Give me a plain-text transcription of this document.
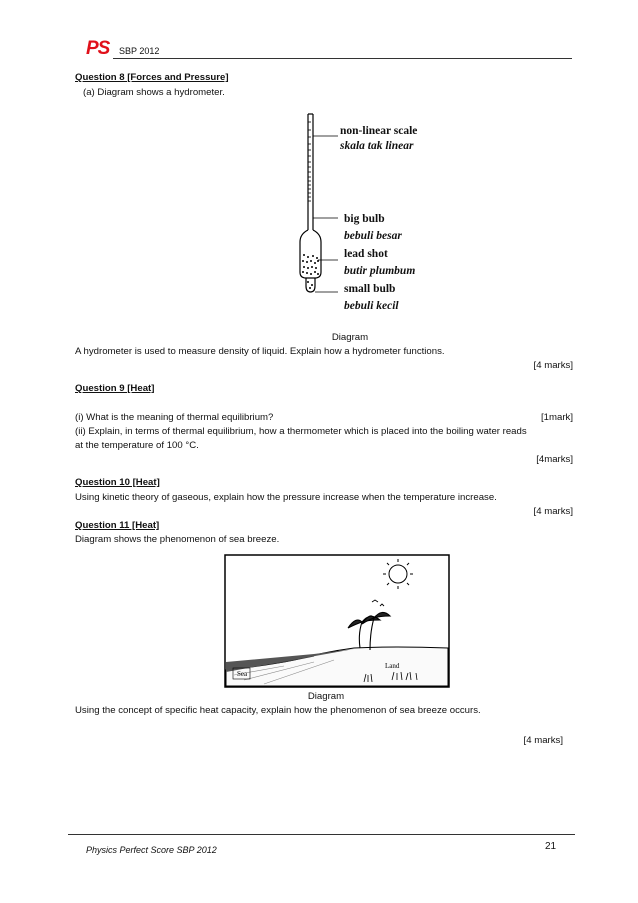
PS SBP 2012
Question 8 [Forces and Pressure]
(a) Diagram shows a hydrometer.
non-linear scale
skala tak linear
big bulb
bebuli besar
lead shot
butir plumbum
small bulb
bebuli kecil
Diagram
A hydrometer is used to measure density of liquid. Explain how a hydrometer functions.
[4 marks]
Question 9 [Heat]
(i) What is the meaning of thermal equilibrium?	[1mark]
(ii) Explain, in terms of thermal equilibrium, how a thermometer which is placed into the boiling water reads
at the temperature of 100 °C.
[4marks]
Question 10 [Heat]
Using kinetic theory of gaseous, explain how the pressure increase when the temperature increase.
[4 marks]
Question 11 [Heat]
Diagram shows the phenomenon of sea breeze.
Sea
Land
Diagram
Using the concept of specific heat capacity, explain how the phenomenon of sea breeze occurs.
[4 marks]
Physics Perfect Score SBP 2012	21
